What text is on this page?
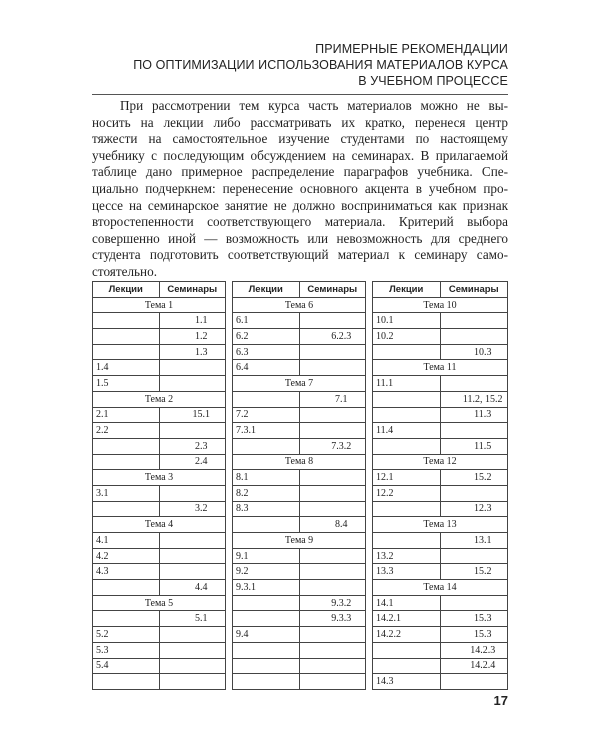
ПРИМЕРНЫЕ РЕКОМЕНДАЦИИ
ПО ОПТИМИЗАЦИИ ИСПОЛЬЗОВАНИЯ МАТЕРИАЛОВ КУРСА
В УЧЕБНОМ ПРОЦЕССЕ
При рассмотрении тем курса часть материалов можно не вы-
носить на лекции либо рассматривать их кратко, перенеся центр
тяжести на самостоятельное изучение студентами по настоящему
учебнику с последующим обсуждением на семинарах. В прилагаемой
таблице дано примерное распределение параграфов учебника. Спе-
циально подчеркнем: перенесение основного акцента в учебном про-
цессе на семинарское занятие не должно восприниматься как признак
второстепенности соответствующего материала. Критерий выбора
совершенно иной — возможность или невозможность для среднего
студента подготовить соответствующий материал к семинару само-
стоятельно.
Лекции	Семинары
Тема 1	
	1.1
	1.2
	1.3
1.4	
1.5	
Тема 2	
2.1	15.1
2.2	
	2.3
	2.4
Тема 3	
3.1	
	3.2
Тема 4	
4.1	
4.2	
4.3	
	4.4
Тема 5	
	5.1
5.2	
5.3	
5.4	

Лекции	Семинары
Тема 6	
6.1	
6.2	6.2.3
6.3	
6.4	
Тема 7	
	7.1
7.2	
7.3.1	
	7.3.2
Тема 8	
8.1	
8.2	
8.3	
	8.4
Тема 9	
9.1	
9.2	
9.3.1	
	9.3.2
	9.3.3
9.4	

Лекции	Семинары
Тема 10	
10.1	
10.2	
	10.3
Тема 11	
11.1	
	11.2, 15.2
	11.3
11.4	
	11.5
Тема 12	
12.1	15.2
12.2	
	12.3
Тема 13	
	13.1
13.2	
13.3	15.2
Тема 14	
14.1	
14.2.1	15.3
14.2.2	15.3
	14.2.3
	14.2.4
14.3	
17
